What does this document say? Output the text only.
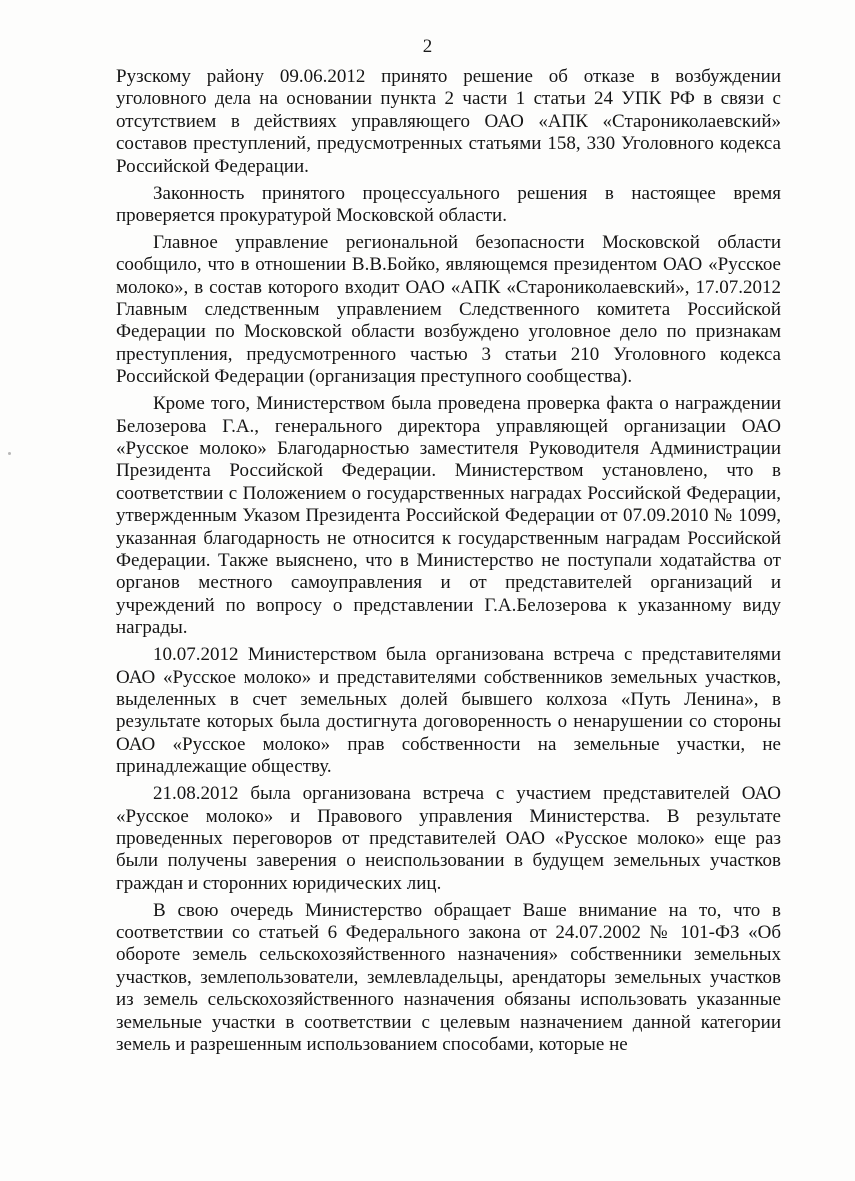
2

Рузскому району 09.06.2012 принято решение об отказе в возбуждении уголовного дела на основании пункта 2 части 1 статьи 24 УПК РФ в связи с отсутствием в действиях управляющего ОАО «АПК «Староникол﻿аевский» составов преступлений, предусмотренных статьями 158, 330 Уголовного кодекса Российской Федерации.

Законность принятого процессуального решения в настоящее время проверяется прокуратурой Московской области.

Главное управление региональной безопасности Московской области сообщило, что в отношении В.В.Бойко, являющемся президентом ОАО «Русское молоко», в состав которого входит ОАО «АПК «Староникол﻿аевский», 17.07.2012 Главным следственным управлением Следственного комитета Российской Федерации по Московской области возбуждено уголовное дело по признакам преступления, предусмотренного частью 3 статьи 210 Уголовного кодекса Российской Федерации (организация преступного сообщества).

Кроме того, Министерством была проведена проверка факта о награждении Белозерова Г.А., генерального директора управляющей организации ОАО «Русское молоко» Благодарностью заместителя Руководителя Администрации Президента Российской Федерации. Министерством установлено, что в соответствии с Положением о государственных наградах Российской Федерации, утвержденным Указом Президента Российской Федерации от 07.09.2010 № 1099, указанная благодарность не относится к государственным наградам Российской Федерации. Также выяснено, что в Министерство не поступали ходатайства от органов местного самоуправления и от представителей организаций и учреждений по вопросу о представлении Г.А.Белозерова к указанному виду награды.

10.07.2012 Министерством была организована встреча с представителями ОАО «Русское молоко» и представителями собственников земельных участков, выделенных в счет земельных долей бывшего колхоза «Путь Ленина», в результате которых была достигнута договоренность о ненарушении со стороны ОАО «Русское молоко» прав собственности на земельные участки, не принадлежащие обществу.

21.08.2012 была организована встреча с участием представителей ОАО «Русское молоко» и Правового управления Министерства. В результате проведенных переговоров от представителей ОАО «Русское молоко» еще раз были получены заверения о неиспользовании в будущем земельных участков граждан и сторонних юридических лиц.

В свою очередь Министерство обращает Ваше внимание на то, что в соответствии со статьей 6 Федерального закона от 24.07.2002 № 101-ФЗ «Об обороте земель сельскохозяйственного назначения» собственники земельных участков, землепользователи, землевладельцы, арендаторы земельных участков из земель сельскохозяйственного назначения обязаны использовать указанные земельные участки в соответствии с целевым назначением данной категории земель и разрешенным использованием способами, которые не
